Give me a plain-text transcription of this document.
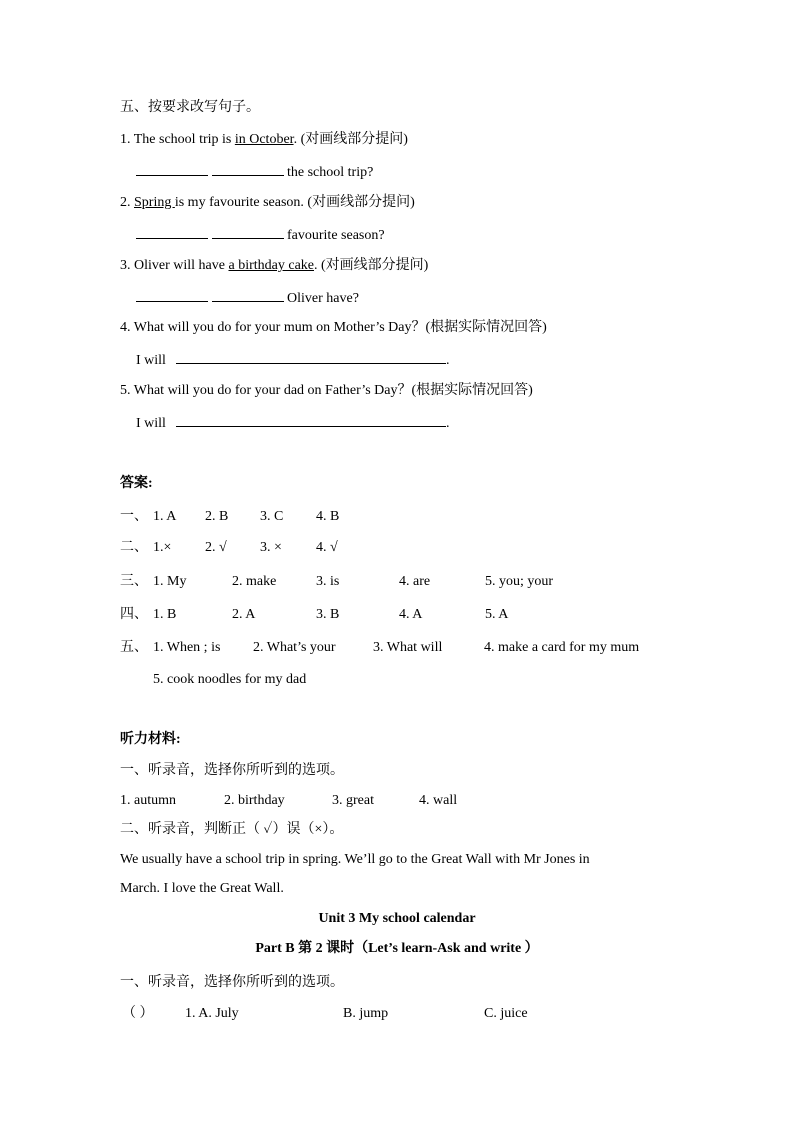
五、按要求改写句子。
1. The school trip is in October. (对画线部分提问)
the school trip?
2. Spring is my favourite season. (对画线部分提问)
favourite season?
3. Oliver will have a birthday cake. (对画线部分提问)
Oliver have?
4. What will you do for your mum on Mother’s Day？(根据实际情况回答)
I will	.
5. What will you do for your dad on Father’s Day？(根据实际情况回答)
I will	.
答案:
一、 1. A 2. B 3. C 4. B
二、 1.× 2. √ 3. × 4. √
三、 1. My	2. make	3. is	4. are	5. you; your
四、 1. B	2. A	3. B	4. A	5. A
五、 1. When ; is 2. What’s your	3. What will	4. make a card for my mum
5. cook noodles for my dad
听力材料:
一、听录音，选择你所听到的选项。
1. autumn	2. birthday	3. great	4. wall
二、听录音，判断正（ ✓）误（×）。
We usually have a school trip in spring. We’ll go to the Great Wall with Mr Jones in
March. I love the Great Wall.
Unit 3 My school calendar
Part B 第 2 课时（Let’s learn-Ask and write ）
一、听录音，选择你所听到的选项。
（ ） 1. A. July	B. jump	C. juice
